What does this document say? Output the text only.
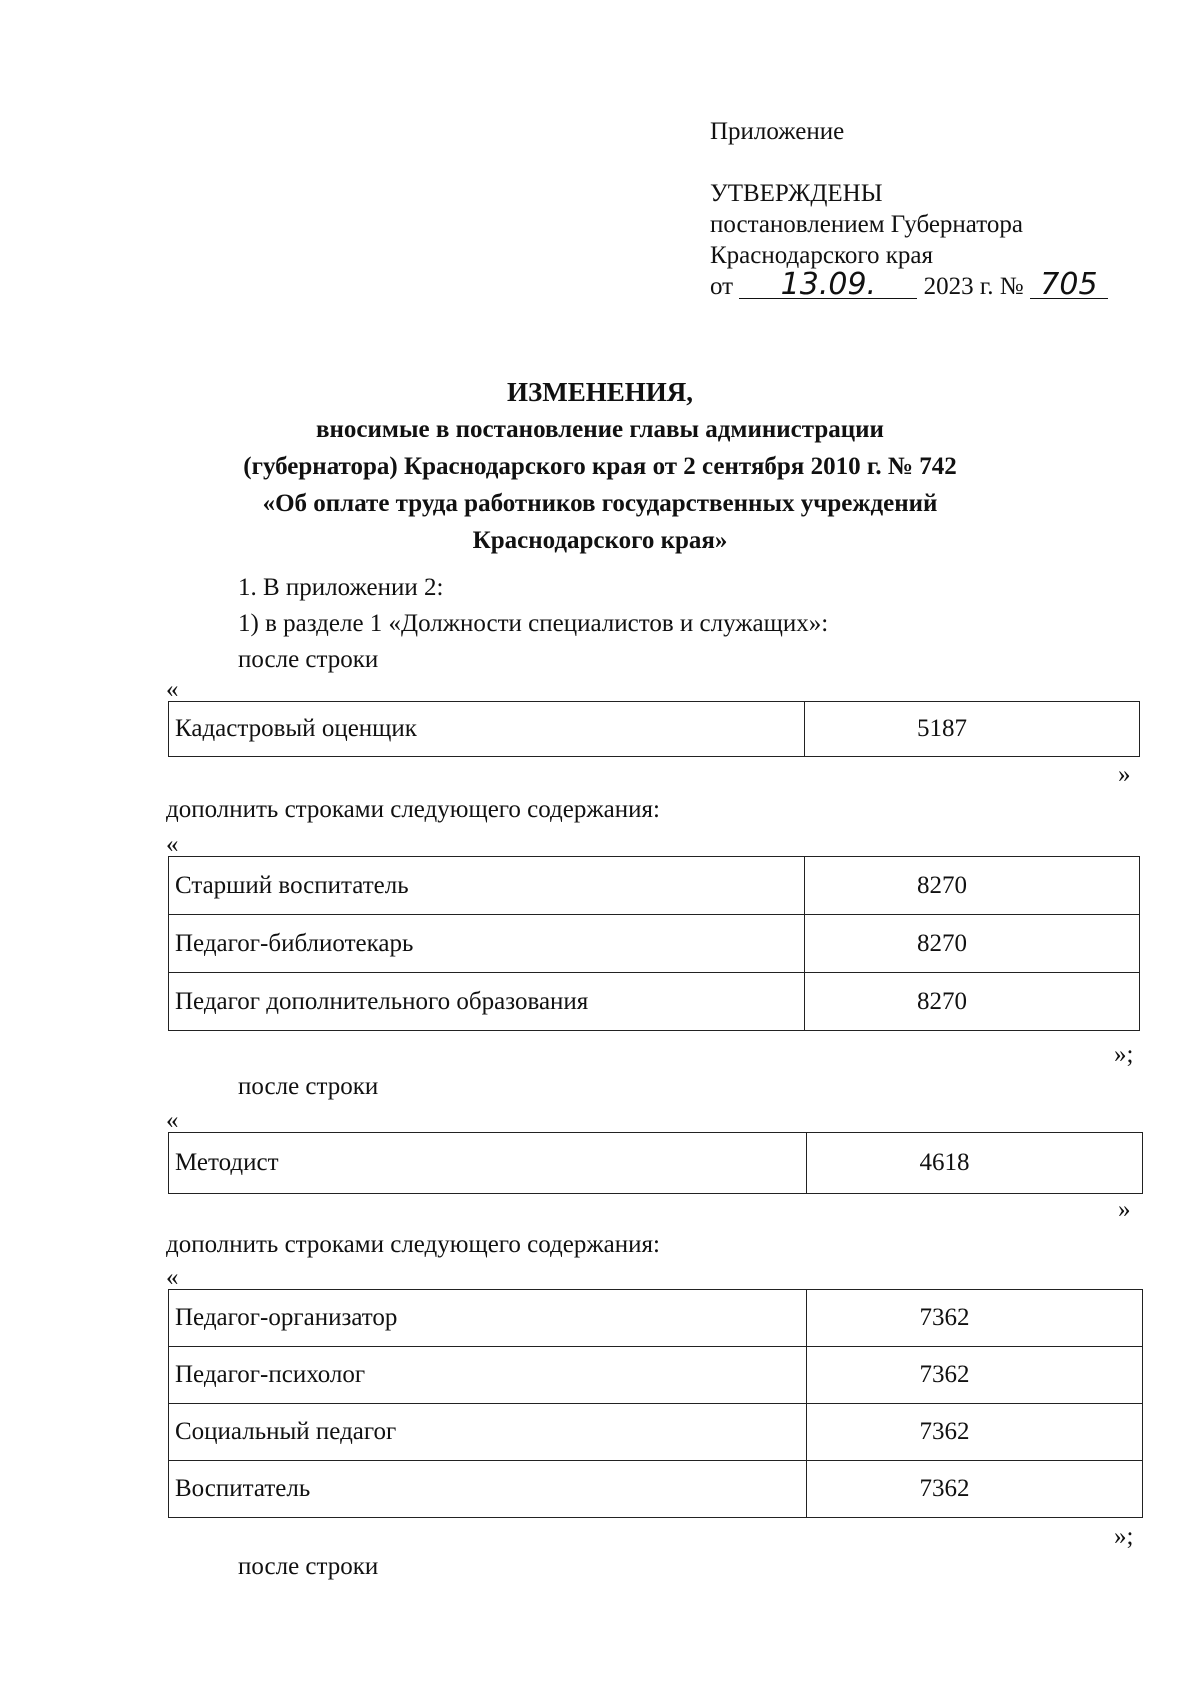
Приложение
УТВЕРЖДЕНЫ
постановлением Губернатора
Краснодарского края
от 13.09. 2023 г. № 705
ИЗМЕНЕНИЯ,
вносимые в постановление главы администрации
(губернатора) Краснодарского края от 2 сентября 2010 г. № 742
«Об оплате труда работников государственных учреждений
Краснодарского края»
1. В приложении 2:
1) в разделе 1 «Должности специалистов и служащих»:
после строки
«
Кадастровый оценщик	5187
»
дополнить строками следующего содержания:
«
Старший воспитатель	8270
Педагог-библиотекарь	8270
Педагог дополнительного образования	8270
»;
после строки
«
Методист	4618
»
дополнить строками следующего содержания:
«
Педагог-организатор	7362
Педагог-психолог	7362
Социальный педагог	7362
Воспитатель	7362
»;
после строки
